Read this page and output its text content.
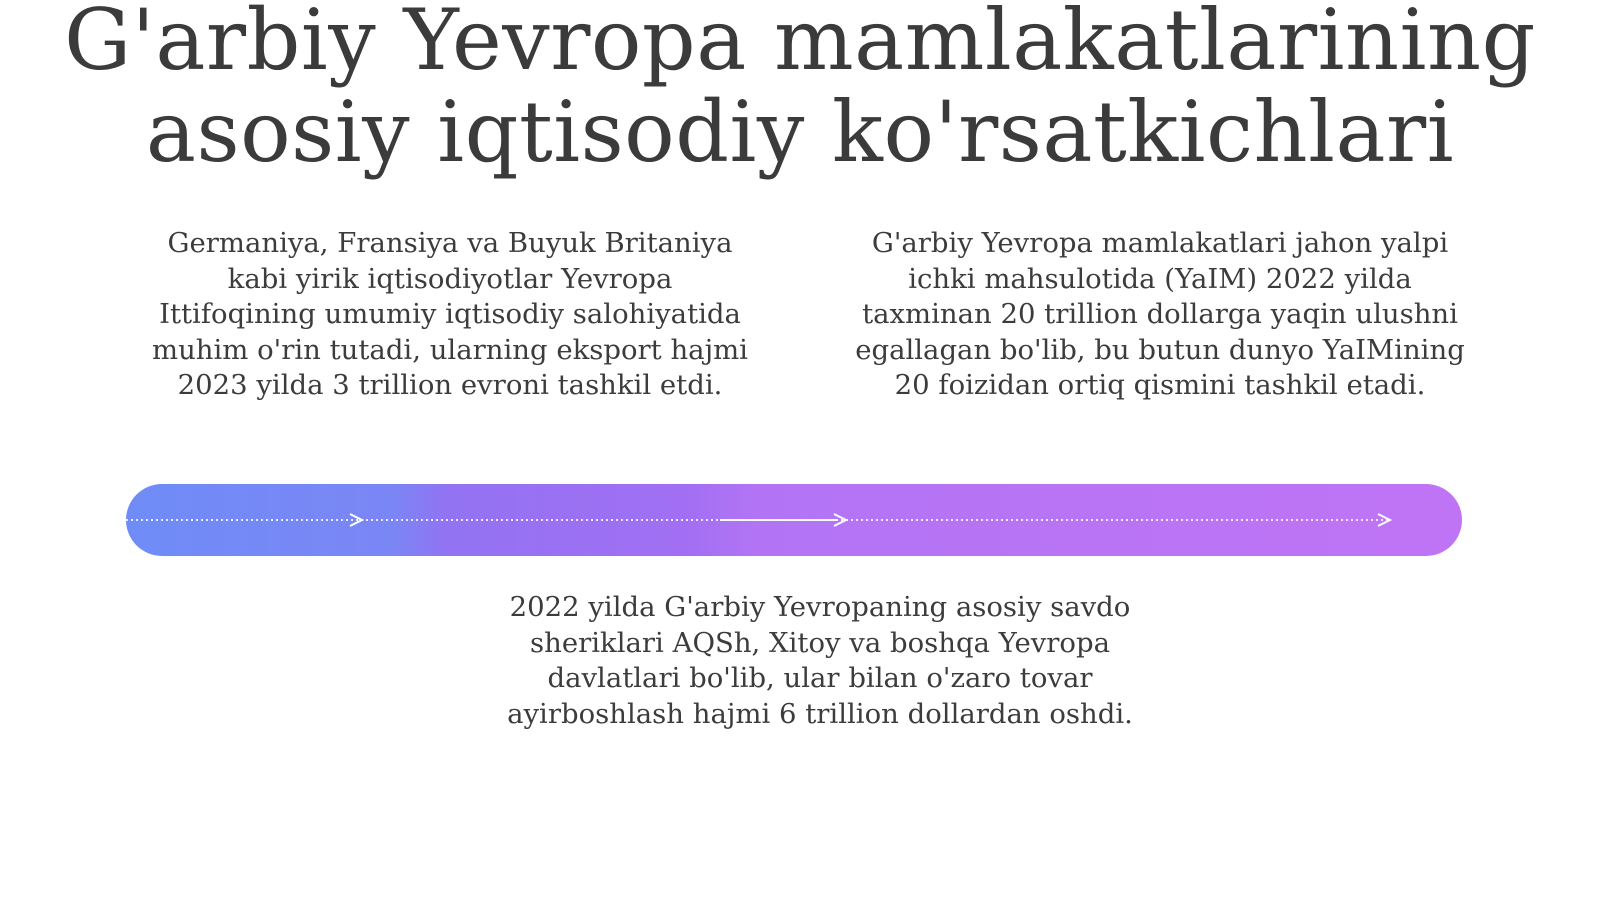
G'arbiy Yevropa mamlakatlarining asosiy iqtisodiy ko'rsatkichlari

Germaniya, Fransiya va Buyuk Britaniya kabi yirik iqtisodiyotlar Yevropa Ittifoqining umumiy iqtisodiy salohiyatida muhim o'rin tutadi, ularning eksport hajmi 2023 yilda 3 trillion evroni tashkil etdi.

G'arbiy Yevropa mamlakatlari jahon yalpi ichki mahsulotida (YaIM) 2022 yilda taxminan 20 trillion dollarga yaqin ulushni egallagan bo'lib, bu butun dunyo YaIMining 20 foizidan ortiq qismini tashkil etadi.

2022 yilda G'arbiy Yevropaning asosiy savdo sheriklari AQSh, Xitoy va boshqa Yevropa davlatlari bo'lib, ular bilan o'zaro tovar ayirboshlash hajmi 6 trillion dollardan oshdi.
